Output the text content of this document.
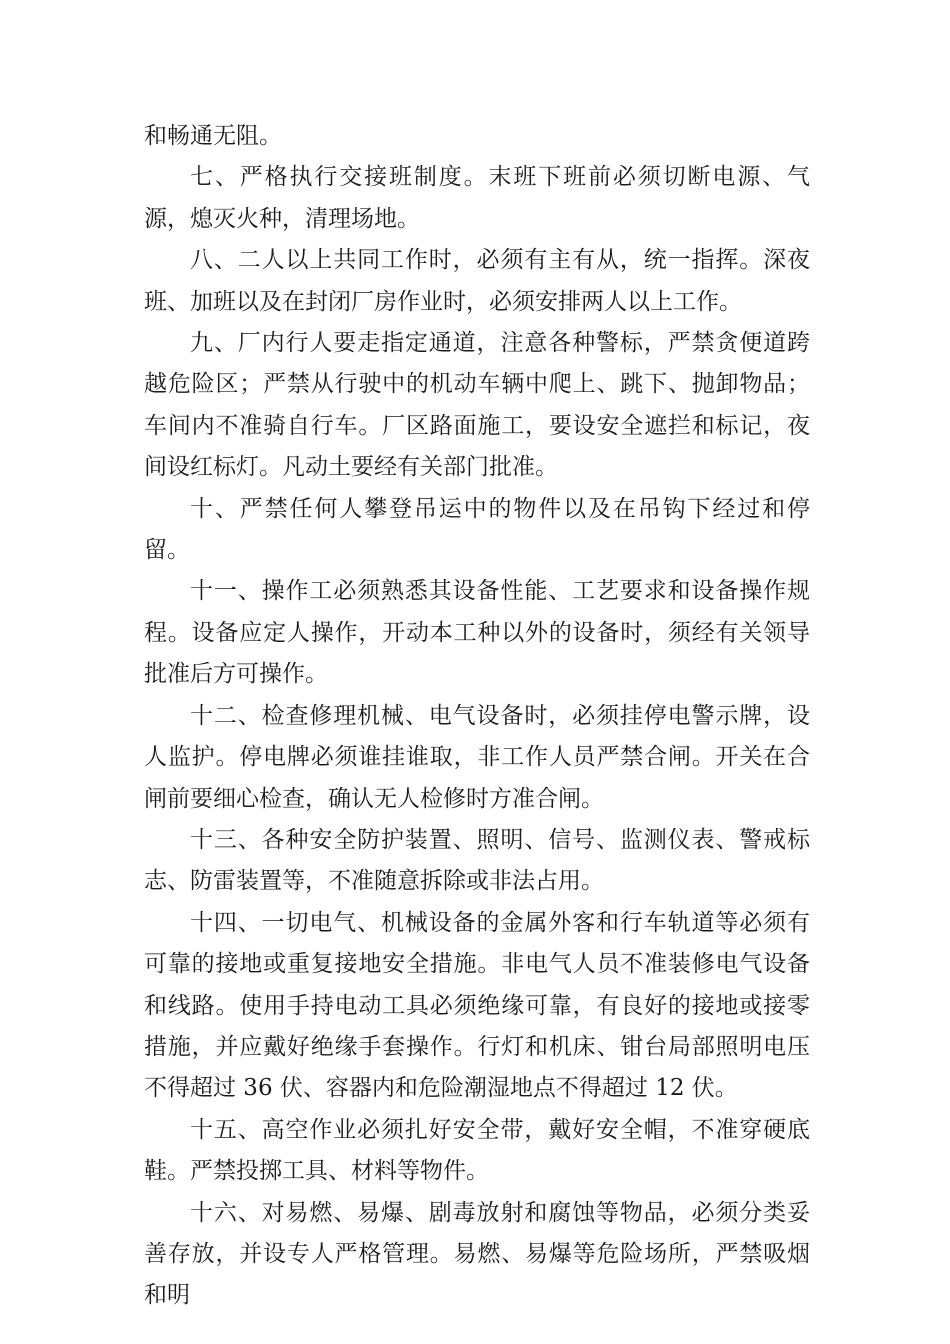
和畅通无阻。

七、严格执行交接班制度。末班下班前必须切断电源、气源，熄灭火种，清理场地。

八、二人以上共同工作时，必须有主有从，统一指挥。深夜班、加班以及在封闭厂房作业时，必须安排两人以上工作。

九、厂内行人要走指定通道，注意各种警标，严禁贪便道跨越危险区；严禁从行驶中的机动车辆中爬上、跳下、抛卸物品；车间内不准骑自行车。厂区路面施工，要设安全遮拦和标记，夜间设红标灯。凡动土要经有关部门批准。

十、严禁任何人攀登吊运中的物件以及在吊钩下经过和停留。

十一、操作工必须熟悉其设备性能、工艺要求和设备操作规程。设备应定人操作，开动本工种以外的设备时，须经有关领导批准后方可操作。

十二、检查修理机械、电气设备时，必须挂停电警示牌，设人监护。停电牌必须谁挂谁取，非工作人员严禁合闸。开关在合闸前要细心检查，确认无人检修时方准合闸。

十三、各种安全防护装置、照明、信号、监测仪表、警戒标志、防雷装置等，不准随意拆除或非法占用。

十四、一切电气、机械设备的金属外客和行车轨道等必须有可靠的接地或重复接地安全措施。非电气人员不准装修电气设备和线路。使用手持电动工具必须绝缘可靠，有良好的接地或接零措施，并应戴好绝缘手套操作。行灯和机床、钳台局部照明电压不得超过 36 伏、容器内和危险潮湿地点不得超过 12 伏。

十五、高空作业必须扎好安全带，戴好安全帽，不准穿硬底鞋。严禁投掷工具、材料等物件。

十六、对易燃、易爆、剧毒放射和腐蚀等物品，必须分类妥善存放，并设专人严格管理。易燃、易爆等危险场所，严禁吸烟和明
